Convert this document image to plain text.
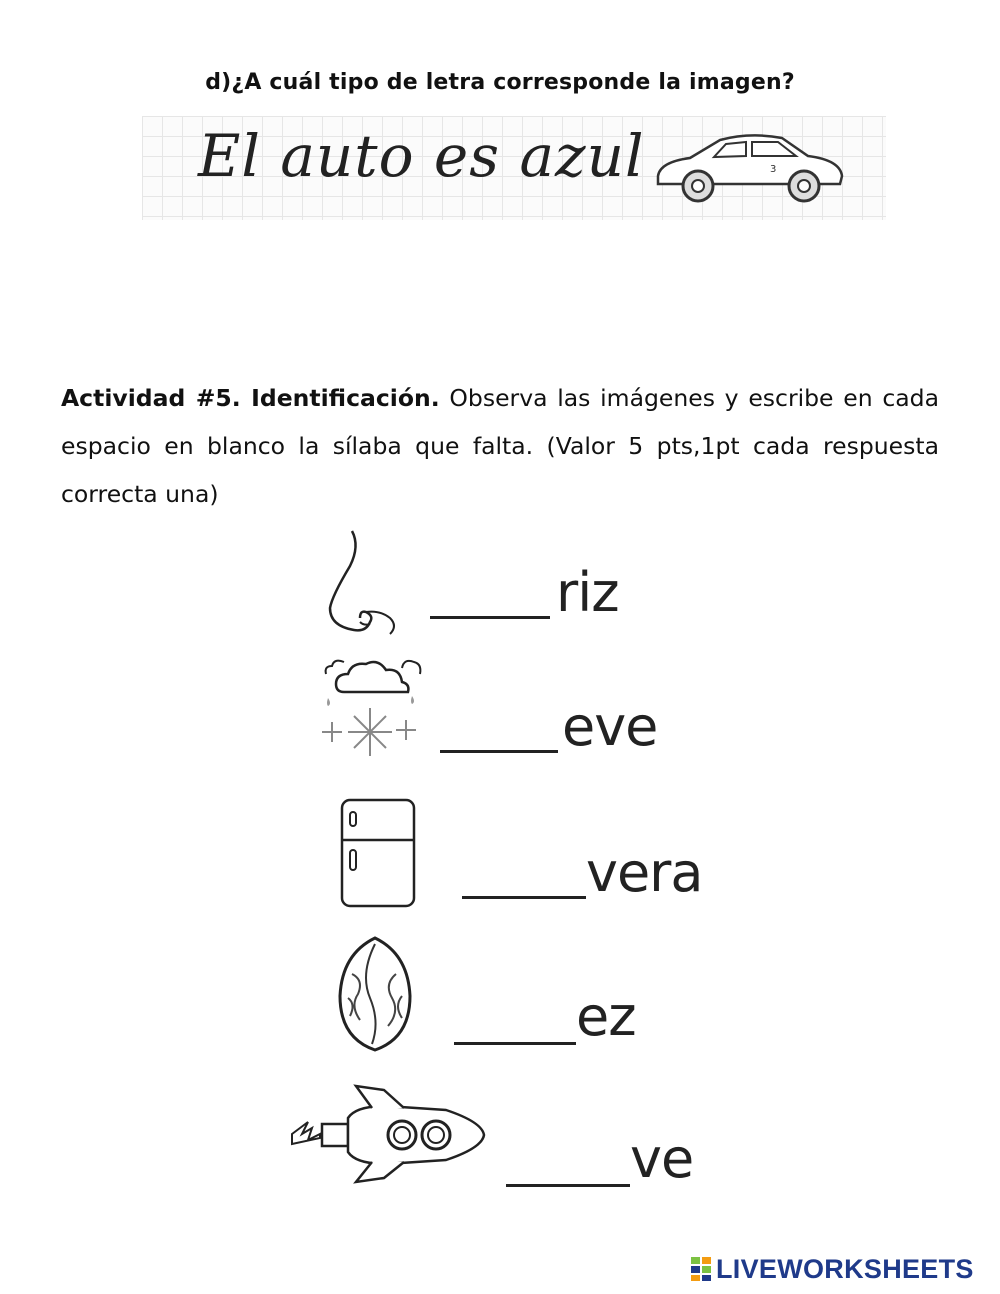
d)¿A cuál tipo de letra corresponde la imagen?
El auto es azul	3
Actividad #5. Identificación. Observa las imágenes y escribe en cada espacio en blanco la sílaba que falta. (Valor 5 pts,1pt cada respuesta correcta una)
riz
eve
vera
ez
ve
LIVEWORKSHEETS
